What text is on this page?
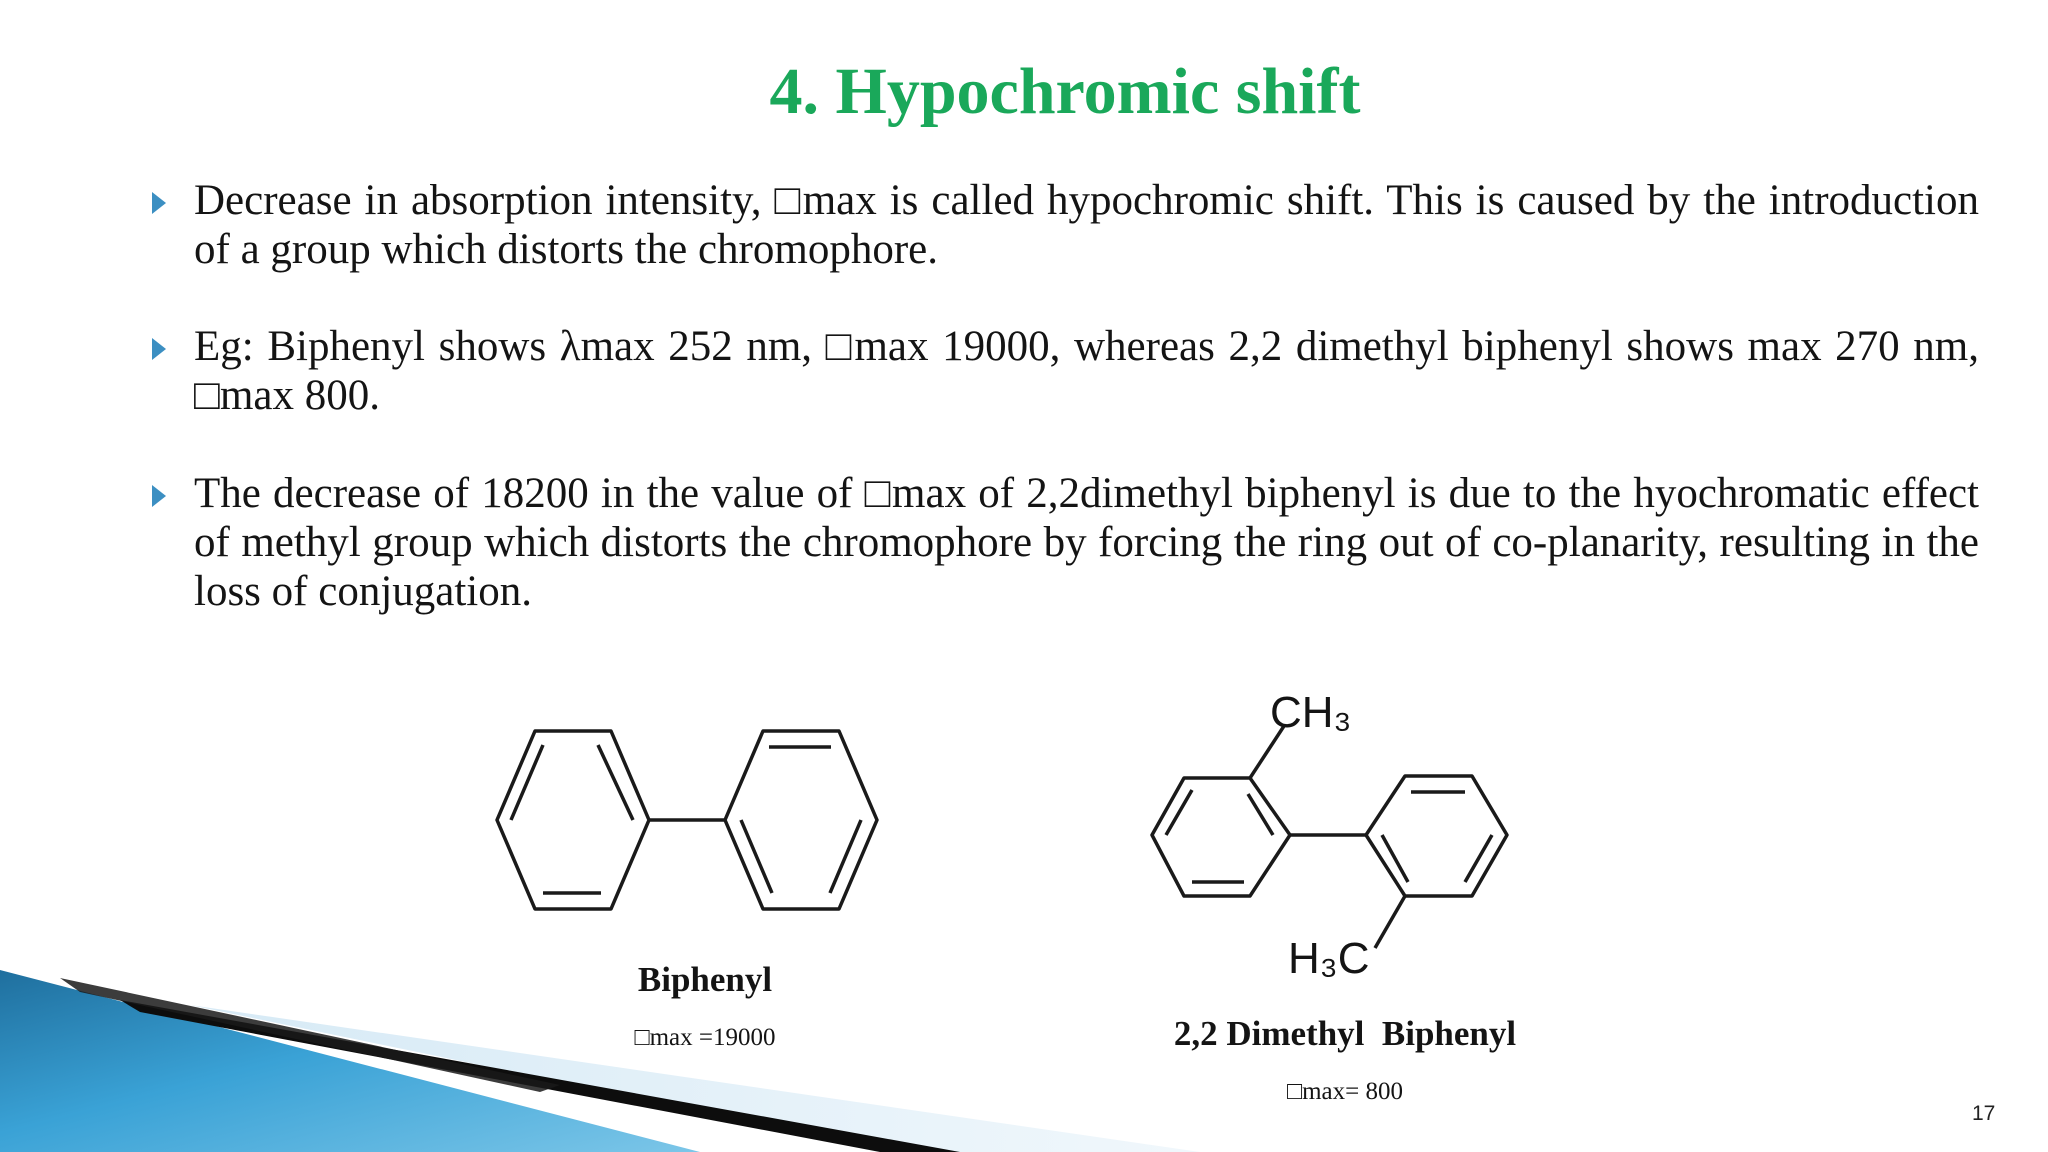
4. Hypochromic shift
Decrease in absorption intensity, □max is called hypochromic shift. This is caused by the introduction of a group which distorts the chromophore.
Eg: Biphenyl shows λmax 252 nm, □max 19000, whereas 2,2 dimethyl biphenyl shows max 270 nm, □max 800.
The decrease of 18200 in the value of □max of 2,2dimethyl biphenyl is due to the hyochromatic effect of methyl group which distorts the chromophore by forcing the ring out of co-planarity, resulting in the loss of conjugation.
CH₃
H₃C
Biphenyl
□max =19000	2,2 Dimethyl  Biphenyl
□max= 800
17
